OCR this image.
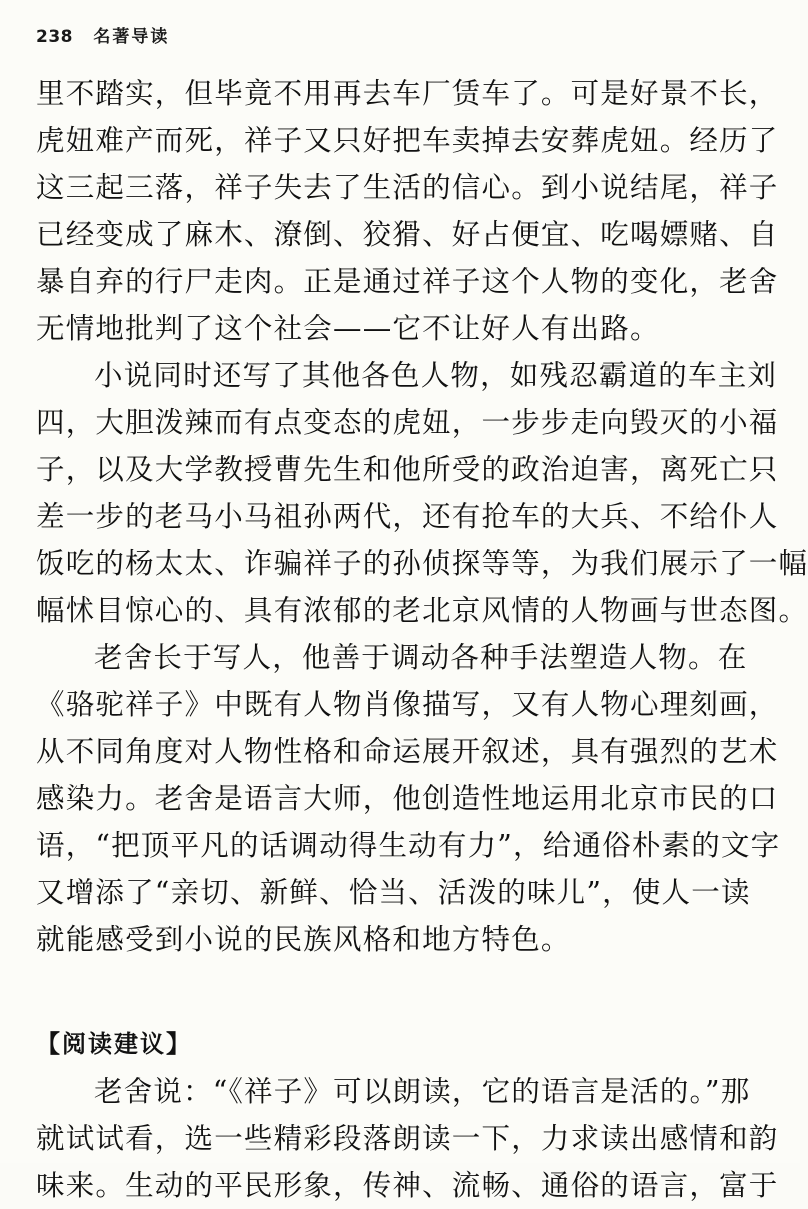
238 名著导读
里不踏实，但毕竟不用再去车厂赁车了。可是好景不长，
虎妞难产而死，祥子又只好把车卖掉去安葬虎妞。经历了
这三起三落，祥子失去了生活的信心。到小说结尾，祥子
已经变成了麻木、潦倒、狡猾、好占便宜、吃喝嫖赌、自
暴自弃的行尸走肉。正是通过祥子这个人物的变化，老舍
无情地批判了这个社会——它不让好人有出路。
小说同时还写了其他各色人物，如残忍霸道的车主刘
四，大胆泼辣而有点变态的虎妞，一步步走向毁灭的小福
子，以及大学教授曹先生和他所受的政治迫害，离死亡只
差一步的老马小马祖孙两代，还有抢车的大兵、不给仆人
饭吃的杨太太、诈骗祥子的孙侦探等等，为我们展示了一幅
幅怵目惊心的、具有浓郁的老北京风情的人物画与世态图。
老舍长于写人，他善于调动各种手法塑造人物。在
《骆驼祥子》中既有人物肖像描写，又有人物心理刻画，
从不同角度对人物性格和命运展开叙述，具有强烈的艺术
感染力。老舍是语言大师，他创造性地运用北京市民的口
语，“把顶平凡的话调动得生动有力”，给通俗朴素的文字
又增添了“亲切、新鲜、恰当、活泼的味儿”，使人一读
就能感受到小说的民族风格和地方特色。
【阅读建议】
老舍说：“《祥子》可以朗读，它的语言是活的。”那
就试试看，选一些精彩段落朗读一下，力求读出感情和韵
味来。生动的平民形象，传神、流畅、通俗的语言，富于
